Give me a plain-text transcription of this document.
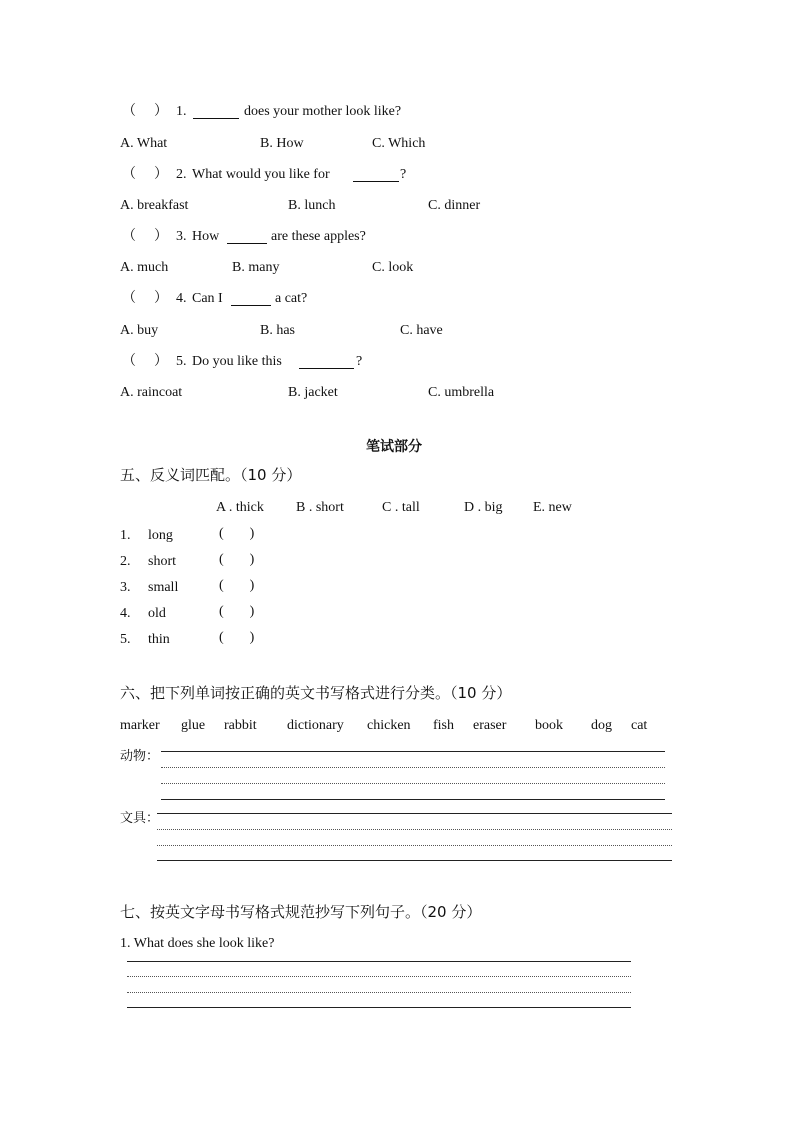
（ ） 1.	does your mother look like?
A. What	B. How	C. Which
（ ） 2. What would you like for	?
A. breakfast	B. lunch	C. dinner
（ ） 3. How	are these apples?
A. much	B. many	C. look
（ ） 4. Can I	a cat?
A. buy	B. has	C. have
（ ） 5. Do you like this	?
A. raincoat	B. jacket	C. umbrella
笔试部分
五、反义词匹配。（10 分）
A . thick B . short	C . tall	D . big E. new
1. long	( )
2. short	( )
3. small	( )
4. old	( )
5. thin	( )
六、把下列单词按正确的英文书写格式进行分类。（10 分）
marker glue rabbit dictionary chicken fish eraser book dog cat
动物：
文具：
七、按英文字母书写格式规范抄写下列句子。（20 分）
1. What does she look like?
